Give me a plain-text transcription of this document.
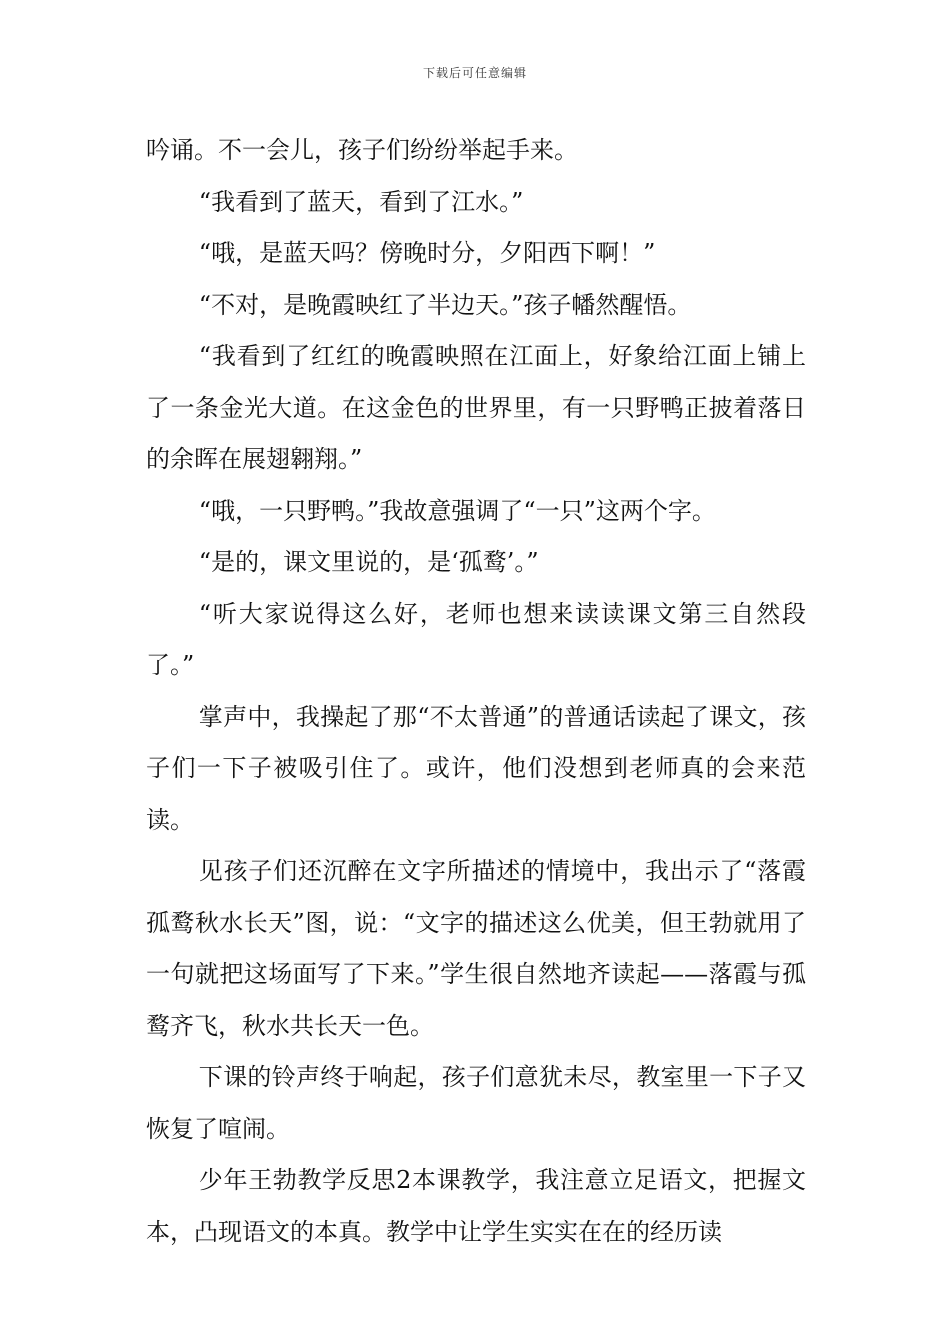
下载后可任意编辑

吟诵。不一会儿，孩子们纷纷举起手来。

“我看到了蓝天，看到了江水。”

“哦，是蓝天吗？傍晚时分，夕阳西下啊！”

“不对，是晚霞映红了半边天。”孩子幡然醒悟。

“我看到了红红的晚霞映照在江面上，好象给江面上铺上了一条金光大道。在这金色的世界里，有一只野鸭正披着落日的余晖在展翅翱翔。”

“哦，一只野鸭。”我故意强调了“一只”这两个字。

“是的，课文里说的，是‘孤鹜’。”

“听大家说得这么好，老师也想来读读课文第三自然段了。”

掌声中，我操起了那“不太普通”的普通话读起了课文，孩子们一下子被吸引住了。或许，他们没想到老师真的会来范读。

见孩子们还沉醉在文字所描述的情境中，我出示了“落霞孤鹜秋水长天”图，说：“文字的描述这么优美，但王勃就用了一句就把这场面写了下来。”学生很自然地齐读起——落霞与孤鹜齐飞，秋水共长天一色。

下课的铃声终于响起，孩子们意犹未尽，教室里一下子又恢复了喧闹。

少年王勃教学反思2本课教学，我注意立足语文，把握文本，凸现语文的本真。教学中让学生实实在在的经历读
